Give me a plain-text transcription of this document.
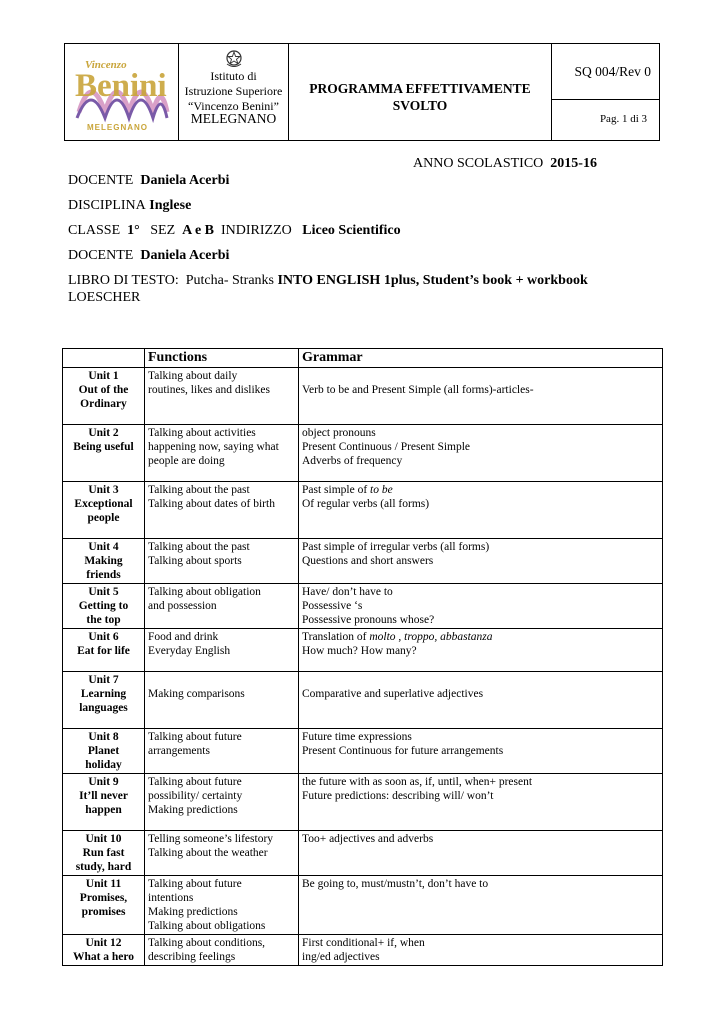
Vincenzo
Benini
MELEGNANO
Istituto di
Istruzione Superiore
“Vincenzo Benini”
MELEGNANO
PROGRAMMA EFFETTIVAMENTE
SVOLTO
SQ 004/Rev 0
Pag. 1 di 3
ANNO SCOLASTICO 2015-16
DOCENTE Daniela Acerbi
DISCIPLINA Inglese
CLASSE 1° SEZ A e B INDIRIZZO Liceo Scientifico
DOCENTE Daniela Acerbi
LIBRO DI TESTO: Putcha- Stranks INTO ENGLISH 1plus, Student’s book + workbook
LOESCHER
	Functions	Grammar

Unit 1
Out of the
Ordinary	Talking about daily
routines, likes and dislikes	Verb to be and Present Simple (all forms)-articles-

Unit 2
Being useful	Talking about activities
happening now, saying what
people are doing	object pronouns
Present Continuous / Present Simple
Adverbs of frequency

Unit 3
Exceptional
people	Talking about the past
Talking about dates of birth	Past simple of to be
Of regular verbs (all forms)

Unit 4
Making
friends	Talking about the past
Talking about sports	Past simple of irregular verbs (all forms)
Questions and short answers

Unit 5
Getting to
the top	Talking about obligation
and possession	Have/ don’t have to
Possessive ‘s
Possessive pronouns whose?

Unit 6
Eat for life	Food and drink
Everyday English	Translation of molto , troppo, abbastanza
How much? How many?

Unit 7
Learning
languages	Making comparisons	Comparative and superlative adjectives

Unit 8
Planet
holiday	Talking about future
arrangements	Future time expressions
Present Continuous for future arrangements

Unit 9
It’ll never
happen	Talking about future
possibility/ certainty
Making predictions	the future with as soon as, if, until, when+ present
Future predictions: describing will/ won’t

Unit 10
Run fast
study, hard	Telling someone’s lifestory
Talking about the weather	Too+ adjectives and adverbs

Unit 11
Promises,
promises	Talking about future
intentions
Making predictions
Talking about obligations	Be going to, must/mustn’t, don’t have to

Unit 12
What a hero	Talking about conditions,
describing feelings	First conditional+ if, when
ing/ed adjectives
